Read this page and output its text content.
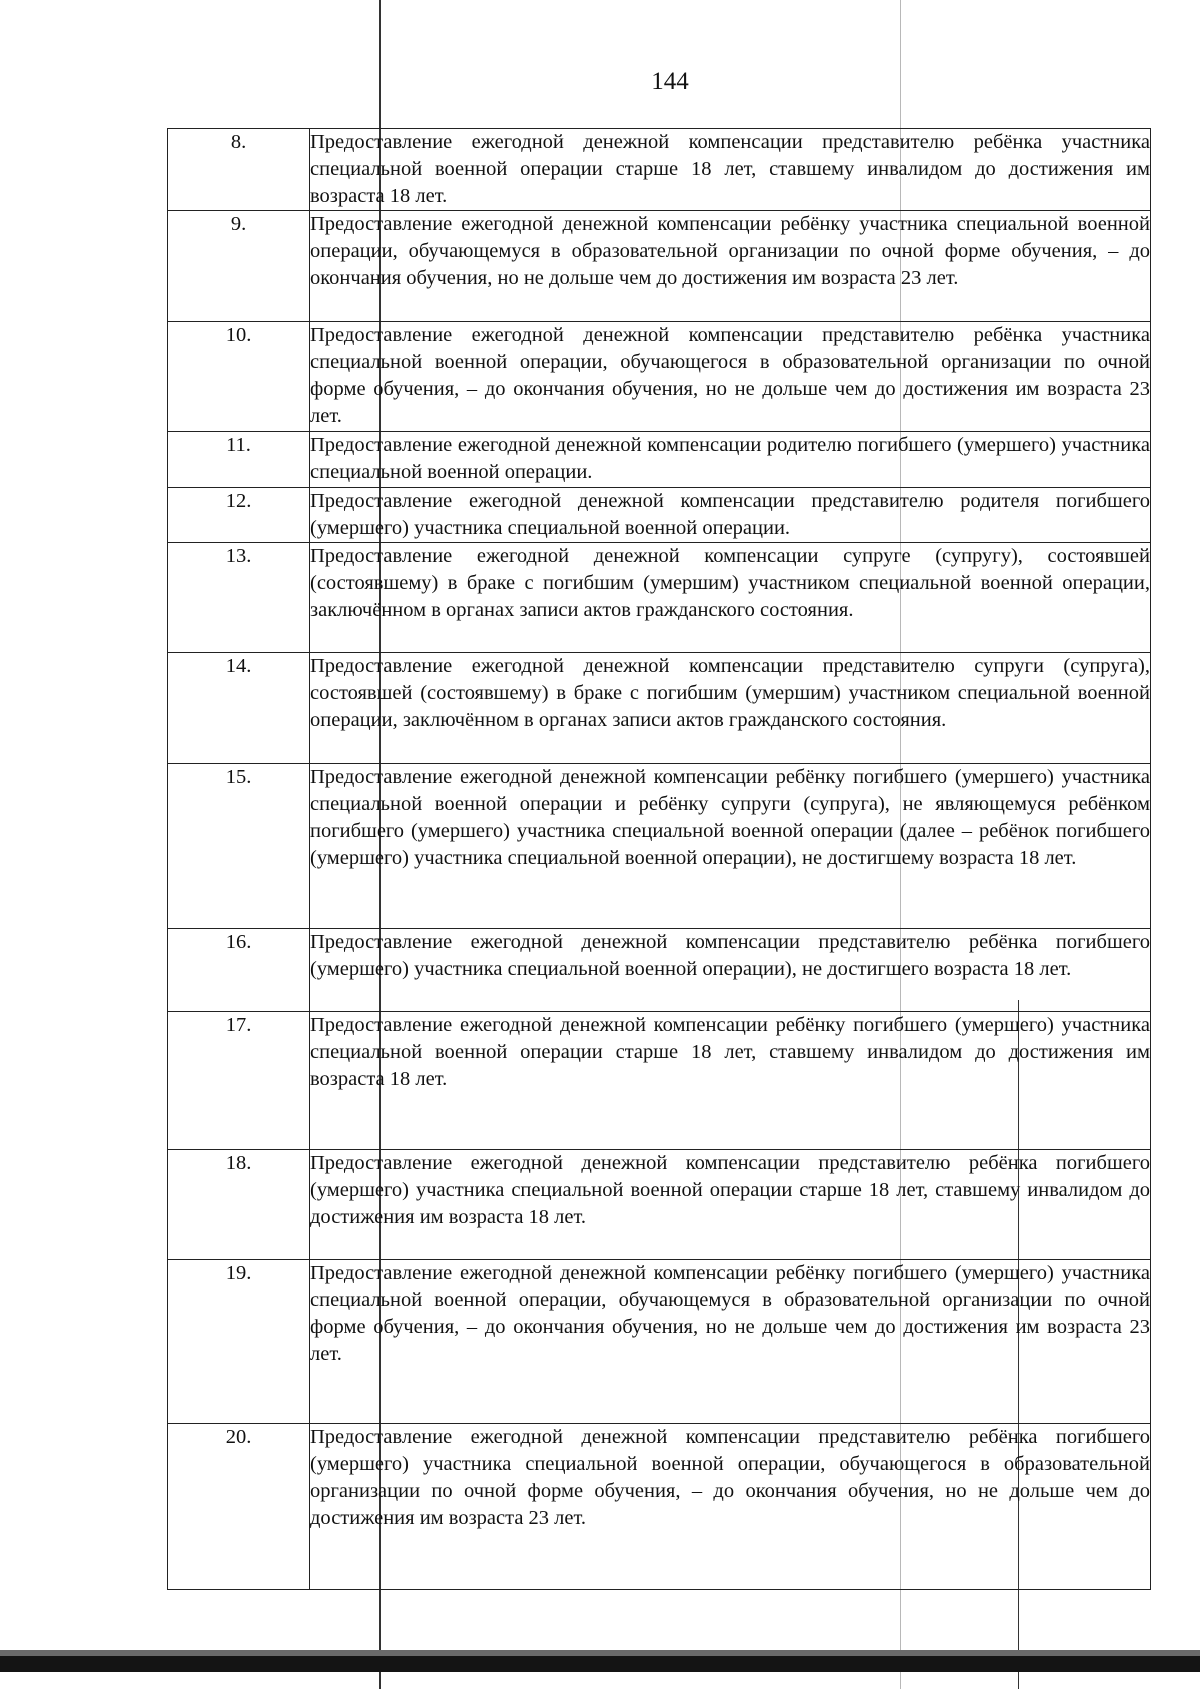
144
8.	Предоставление ежегодной денежной компенсации представителю ребёнка участника специальной военной операции старше 18 лет, ставшему инвалидом до достижения им возраста 18 лет.
9.	Предоставление ежегодной денежной компенсации ребёнку участника специальной военной операции, обучающемуся в образовательной организации по очной форме обучения, – до окончания обучения, но не дольше чем до достижения им возраста 23 лет.
10.	Предоставление ежегодной денежной компенсации представителю ребёнка участника специальной военной операции, обучающегося в образовательной организации по очной форме обучения, – до окончания обучения, но не дольше чем до достижения им возраста 23 лет.
11.	Предоставление ежегодной денежной компенсации родителю погибшего (умершего) участника специальной военной операции.
12.	Предоставление ежегодной денежной компенсации представителю родителя погибшего (умершего) участника специальной военной операции.
13.	Предоставление ежегодной денежной компенсации супруге (супругу), состоявшей (состоявшему) в браке с погибшим (умершим) участником специальной военной операции, заключённом в органах записи актов гражданского состояния.
14.	Предоставление ежегодной денежной компенсации представителю супруги (супруга), состоявшей (состоявшему) в браке с погибшим (умершим) участником специальной военной операции, заключённом в органах записи актов гражданского состояния.
15.	Предоставление ежегодной денежной компенсации ребёнку погибшего (умершего) участника специальной военной операции и ребёнку супруги (супруга), не являющемуся ребёнком погибшего (умершего) участника специальной военной операции (далее – ребёнок погибшего (умершего) участника специальной военной операции), не достигшему возраста 18 лет.
16.	Предоставление ежегодной денежной компенсации представителю ребёнка погибшего (умершего) участника специальной военной операции), не достигшего возраста 18 лет.
17.	Предоставление ежегодной денежной компенсации ребёнку погибшего (умершего) участника специальной военной операции старше 18 лет, ставшему инвалидом до достижения им возраста 18 лет.
18.	Предоставление ежегодной денежной компенсации представителю ребёнка погибшего (умершего) участника специальной военной операции старше 18 лет, ставшему инвалидом до достижения им возраста 18 лет.
19.	Предоставление ежегодной денежной компенсации ребёнку погибшего (умершего) участника специальной военной операции, обучающемуся в образовательной организации по очной форме обучения, – до окончания обучения, но не дольше чем до достижения им возраста 23 лет.
20.	Предоставление ежегодной денежной компенсации представителю ребёнка погибшего (умершего) участника специальной военной операции, обучающегося в образовательной организации по очной форме обучения, – до окончания обучения, но не дольше чем до достижения им возраста 23 лет.
